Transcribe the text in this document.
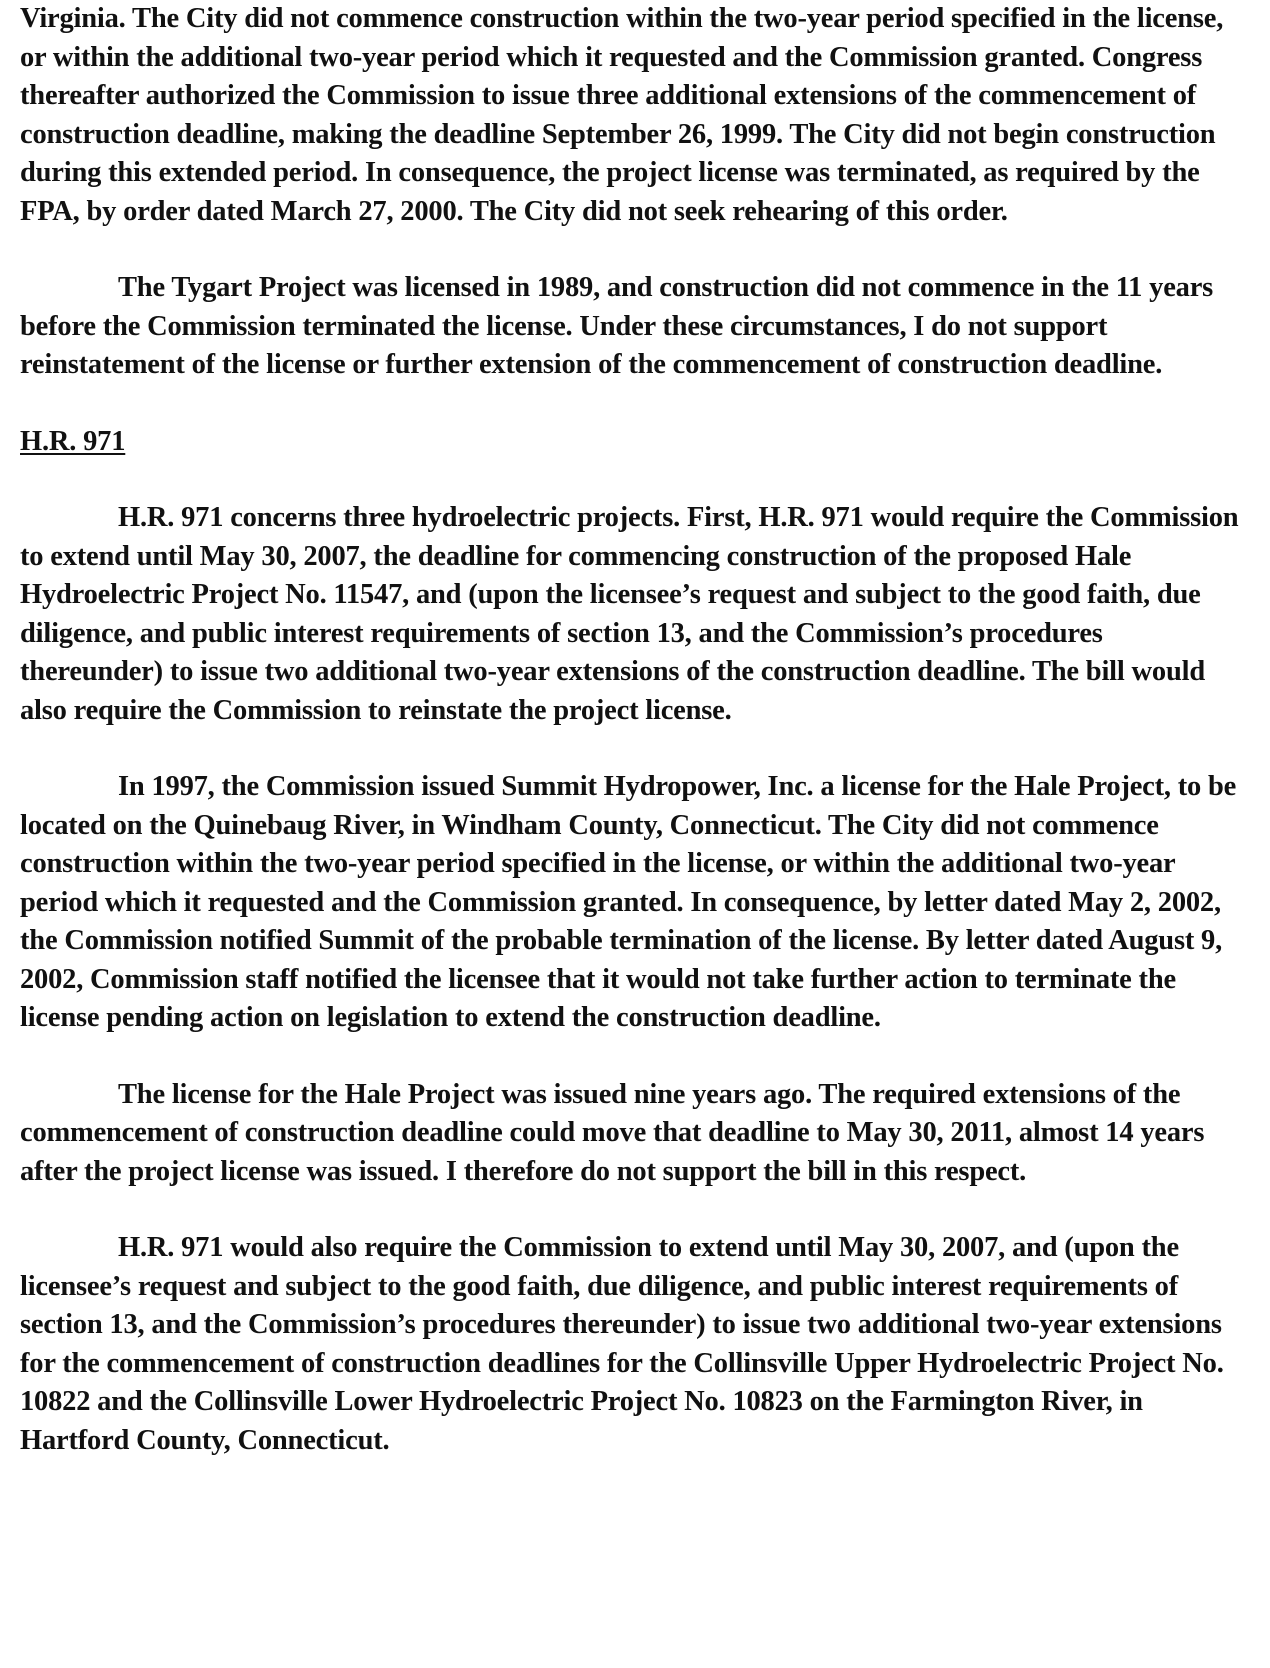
Virginia. The City did not commence construction within the two-year period specified in the license, or within the additional two-year period which it requested and the Commission granted. Congress thereafter authorized the Commission to issue three additional extensions of the commencement of construction deadline, making the deadline September 26, 1999. The City did not begin construction during this extended period. In consequence, the project license was terminated, as required by the FPA, by order dated March 27, 2000. The City did not seek rehearing of this order.

The Tygart Project was licensed in 1989, and construction did not commence in the 11 years before the Commission terminated the license. Under these circumstances, I do not support reinstatement of the license or further extension of the commencement of construction deadline.

H.R. 971

H.R. 971 concerns three hydroelectric projects. First, H.R. 971 would require the Commission to extend until May 30, 2007, the deadline for commencing construction of the proposed Hale Hydroelectric Project No. 11547, and (upon the licensee’s request and subject to the good faith, due diligence, and public interest requirements of section 13, and the Commission’s procedures thereunder) to issue two additional two-year extensions of the construction deadline. The bill would also require the Commission to reinstate the project license.

In 1997, the Commission issued Summit Hydropower, Inc. a license for the Hale Project, to be located on the Quinebaug River, in Windham County, Connecticut. The City did not commence construction within the two-year period specified in the license, or within the additional two-year period which it requested and the Commission granted. In consequence, by letter dated May 2, 2002, the Commission notified Summit of the probable termination of the license. By letter dated August 9, 2002, Commission staff notified the licensee that it would not take further action to terminate the license pending action on legislation to extend the construction deadline.

The license for the Hale Project was issued nine years ago. The required extensions of the commencement of construction deadline could move that deadline to May 30, 2011, almost 14 years after the project license was issued. I therefore do not support the bill in this respect.

H.R. 971 would also require the Commission to extend until May 30, 2007, and (upon the licensee’s request and subject to the good faith, due diligence, and public interest requirements of section 13, and the Commission’s procedures thereunder) to issue two additional two-year extensions for the commencement of construction deadlines for the Collinsville Upper Hydroelectric Project No. 10822 and the Collinsville Lower Hydroelectric Project No. 10823 on the Farmington River, in Hartford County, Connecticut.
